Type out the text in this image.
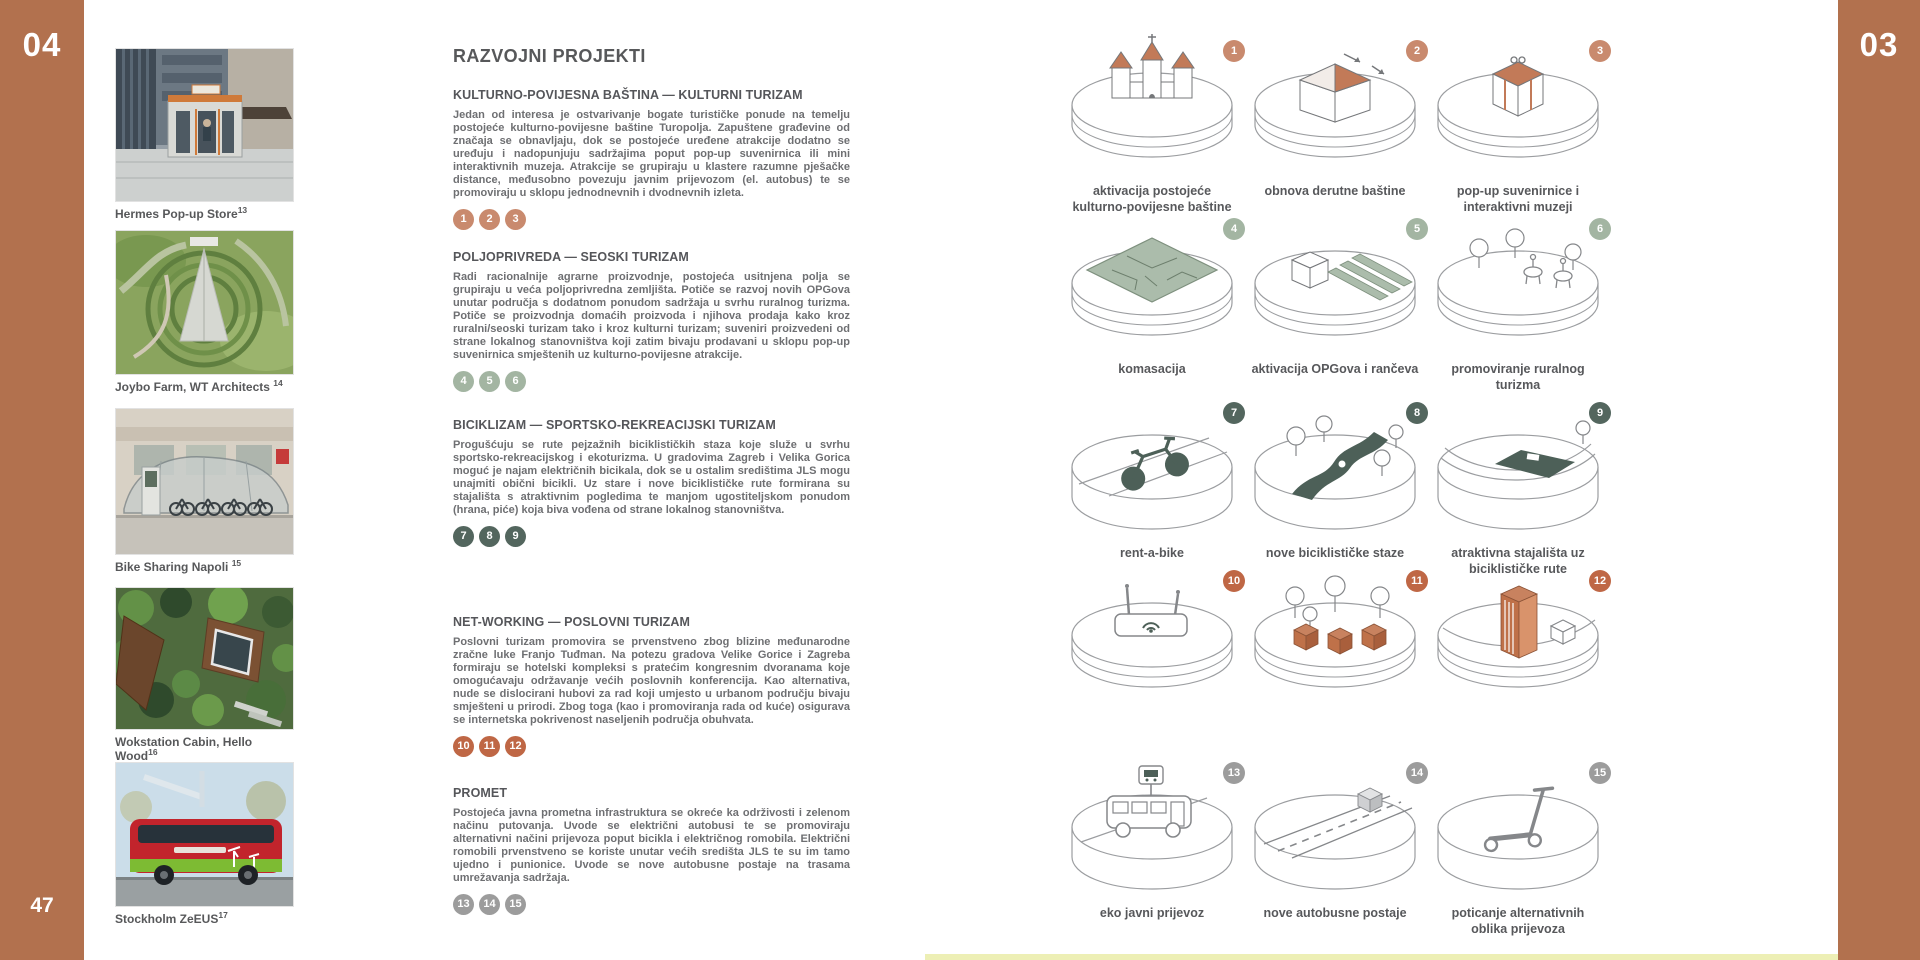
04
47
03
Hermes Pop-up Store$^{13}$
Joybo Farm, WT Architects $^{14}$
Bike Sharing Napoli $^{15}$
Wokstation Cabin, Hello Wood$^{16}$
Stockholm ZeEUS$^{17}$
RAZVOJNI PROJEKTI
KULTURNO-POVIJESNA BAŠTINA — KULTURNI TURIZAM

Jedan od interesa je ostvarivanje bogate turističke ponude na temelju postojeće kulturno-povijesne baštine Turopolja. Zapuštene građevine od značaja se obnavljaju, dok se postojeće uređene atrakcije dodatno se uređuju i nadopunjuju sadržajima poput pop-up suvenirnica ili mini interaktivnih muzeja. Atrakcije se grupiraju u klastere razumne pješačke distance, međusobno povezuju javnim prijevozom (el. autobus) te se promoviraju u sklopu jednodnevnih i dvodnevnih izleta.

1 2 3
POLJOPRIVREDA — SEOSKI TURIZAM

Radi racionalnije agrarne proizvodnje, postojeća usitnjena polja se grupiraju u veća poljoprivredna zemljišta. Potiče se razvoj novih OPGova unutar područja s dodatnom ponudom sadržaja u svrhu ruralnog turizma. Potiče se proizvodnja domaćih proizvoda i njihova prodaja kako kroz ruralni/seoski turizam tako i kroz kulturni turizam; suveniri proizvedeni od strane lokalnog stanovništva koji zatim bivaju prodavani u sklopu pop-up suvenirnica smještenih uz kulturno-povijesne atrakcije.

4 5 6
BICIKLIZAM — SPORTSKO-REKREACIJSKI TURIZAM

Progušćuju se rute pejzažnih biciklističkih staza koje služe u svrhu sportsko-rekreacijskog i ekoturizma. U gradovima Zagreb i Velika Gorica moguć je najam električnih bicikala, dok se u ostalim središtima JLS mogu unajmiti obični bicikli. Uz stare i nove biciklističke rute formirana su stajališta s atraktivnim pogledima te manjom ugostiteljskom ponudom (hrana, piće) koja biva vođena od strane lokalnog stanovništva.

7 8 9
NET-WORKING — POSLOVNI TURIZAM

Poslovni turizam promovira se prvenstveno zbog blizine međunarodne zračne luke Franjo Tuđman. Na potezu gradova Velike Gorice i Zagreba formiraju se hotelski kompleksi s pratećim kongresnim dvoranama koje omogućavaju održavanje većih poslovnih konferencija. Kao alternativa, nude se dislocirani hubovi za rad koji umjesto u urbanom području bivaju smješteni u prirodi. Zbog toga (kao i promoviranja rada od kuće) osigurava se internetska pokrivenost naseljenih područja obuhvata.

10 11 12
PROMET

Postojeća javna prometna infrastruktura se okreće ka održivosti i zelenom načinu putovanja. Uvode se električni autobusi te se promoviraju alternativni načini prijevoza poput bicikla i električnog romobila. Električni romobili prvenstveno se koriste unutar većih središta JLS te su im tamo ujedno i punionice. Uvode se nove autobusne postaje na trasama umrežavanja sadržaja.

13 14 15
1
aktivacija postojeće kulturno-povijesne baštine
2
obnova derutne baštine
3
pop-up suvenirnice i interaktivni muzeji
4
komasacija
5
aktivacija OPGova i rančeva
6
promoviranje ruralnog turizma
7
rent-a-bike
8
nove biciklističke staze
9
atraktivna stajališta uz biciklističke rute
10	11	12
13
eko javni prijevoz
14
nove autobusne postaje
15
poticanje alternativnih oblika prijevoza
